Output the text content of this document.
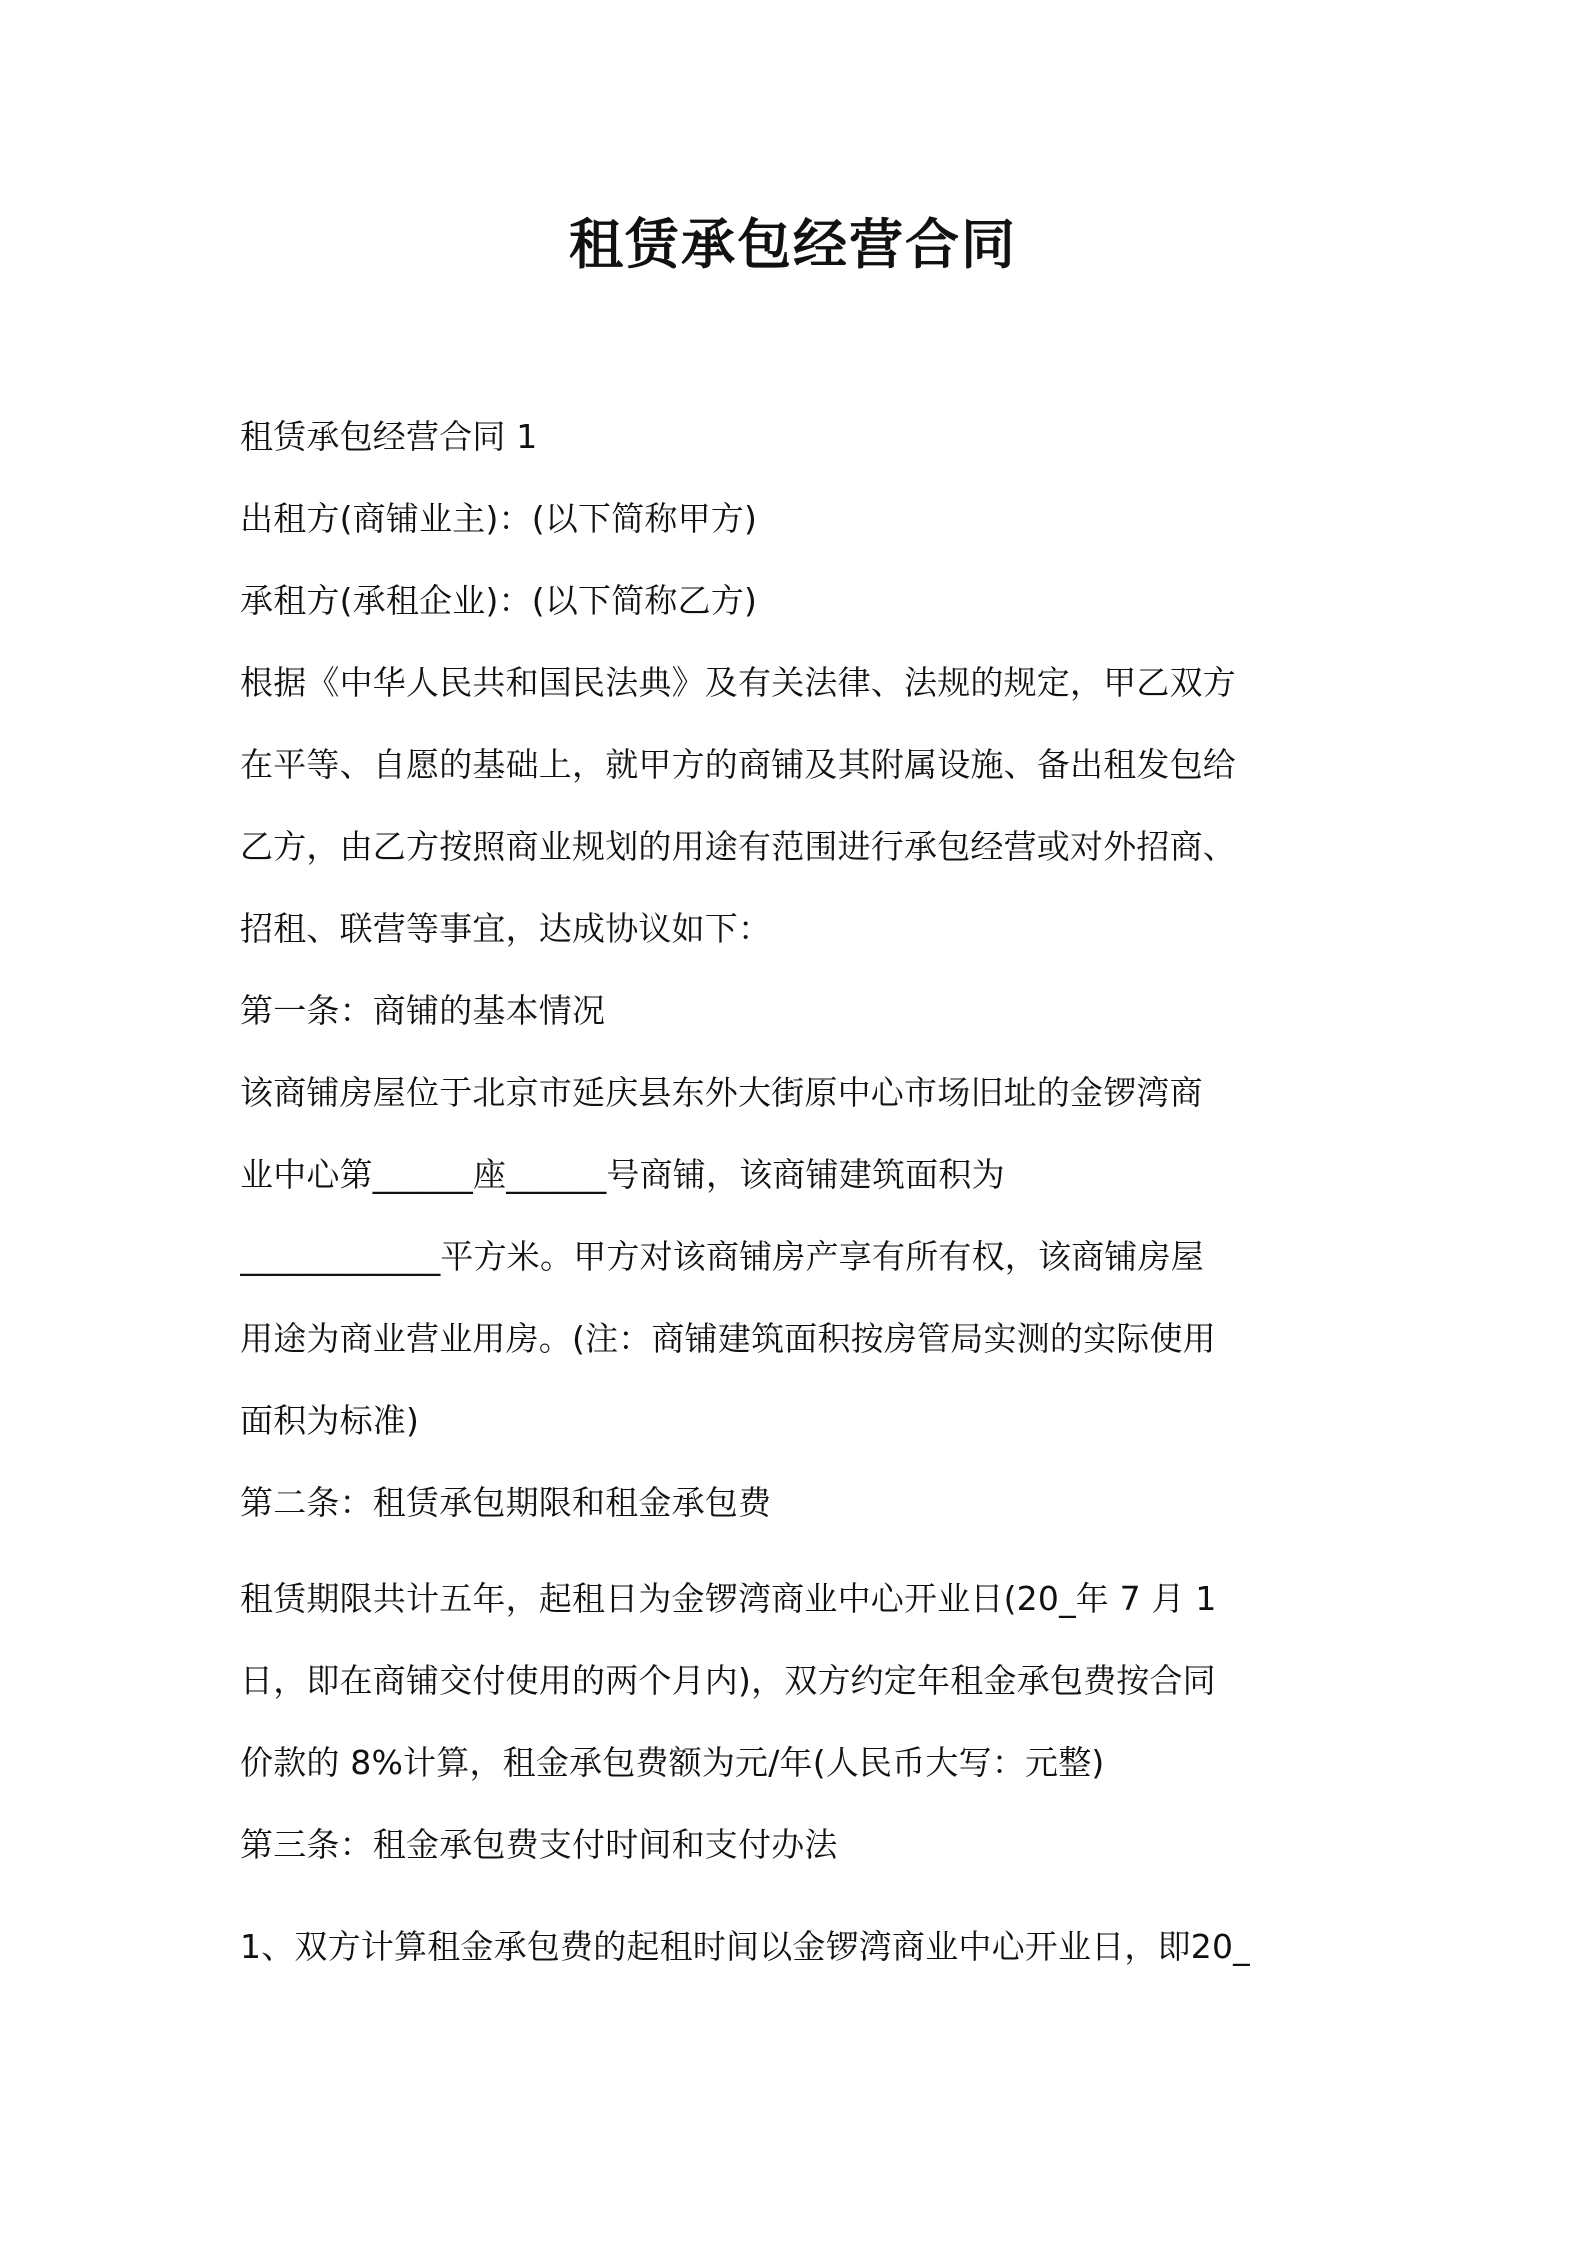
租赁承包经营合同
租赁承包经营合同 1
出租方(商铺业主)：(以下简称甲方)
承租方(承租企业)：(以下简称乙方)
根据《中华人民共和国民法典》及有关法律、法规的规定，甲乙双方
在平等、自愿的基础上，就甲方的商铺及其附属设施、备出租发包给
乙方，由乙方按照商业规划的用途有范围进行承包经营或对外招商、
招租、联营等事宜，达成协议如下：
第一条：商铺的基本情况
该商铺房屋位于北京市延庆县东外大街原中心市场旧址的金锣湾商
业中心第______座______号商铺，该商铺建筑面积为
____________平方米。甲方对该商铺房产享有所有权，该商铺房屋
用途为商业营业用房。(注：商铺建筑面积按房管局实测的实际使用
面积为标准)
第二条：租赁承包期限和租金承包费
租赁期限共计五年，起租日为金锣湾商业中心开业日(20_年 7 月 1
日，即在商铺交付使用的两个月内)，双方约定年租金承包费按合同
价款的 8%计算，租金承包费额为元/年(人民币大写：元整)
第三条：租金承包费支付时间和支付办法
1、双方计算租金承包费的起租时间以金锣湾商业中心开业日，即20_
